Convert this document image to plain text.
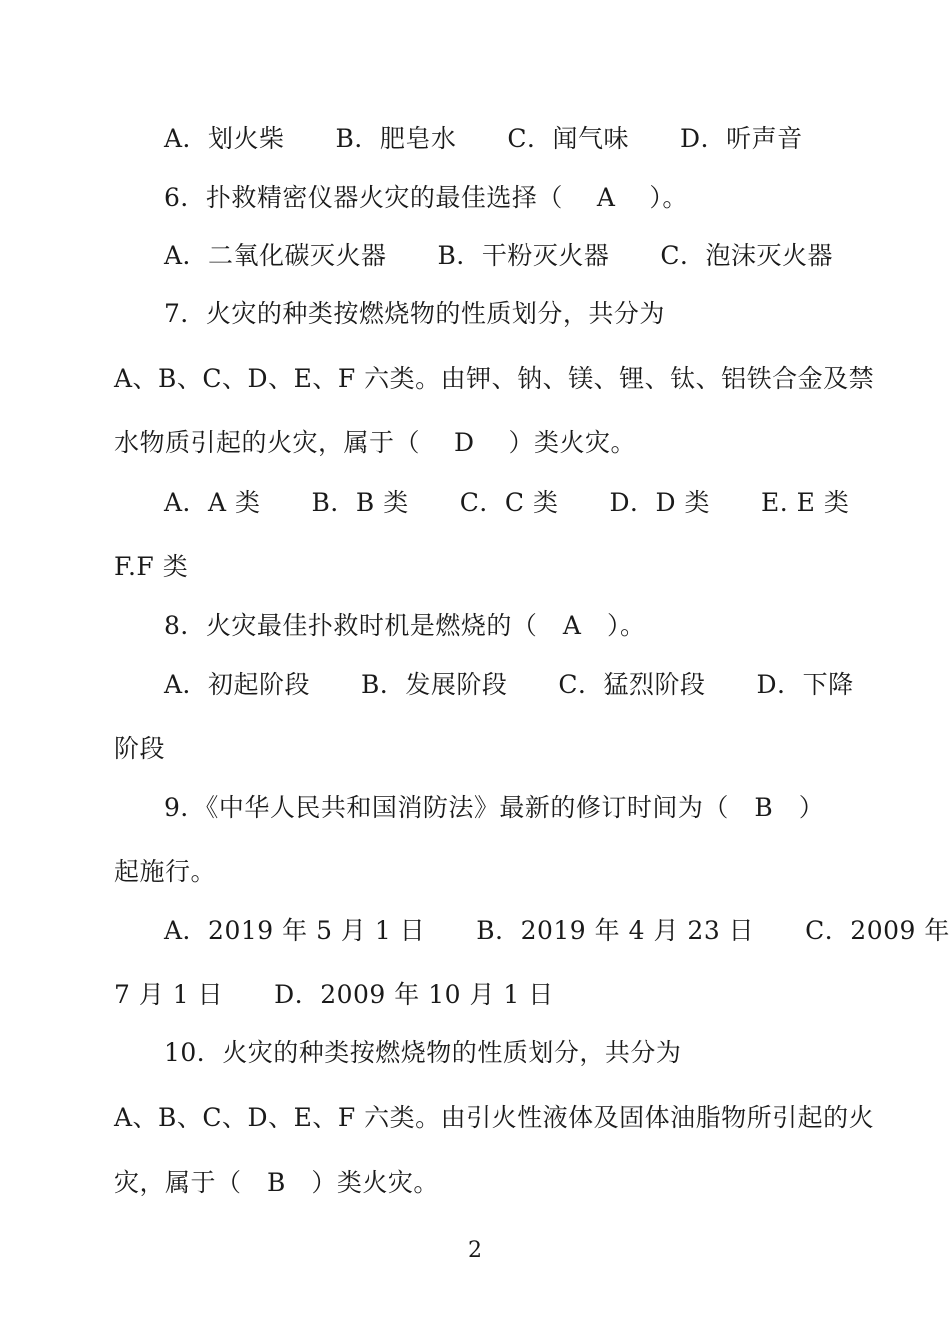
A．划火柴　　B．肥皂水　　C．闻气味　　D．听声音
6．扑救精密仪器火灾的最佳选择（　 A 　）。
A．二氧化碳灭火器　　B．干粉灭火器　　C．泡沫灭火器
7．火灾的种类按燃烧物的性质划分，共分为
A、B、C、D、E、F 六类。由钾、钠、镁、锂、钛、铝铁合金及禁
水物质引起的火灾，属于（　 D 　）类火灾。
A．A 类　　B．B 类　　C．C 类　　D．D 类　　E. E 类
F.F 类
8．火灾最佳扑救时机是燃烧的（　A　）。
A．初起阶段　　B．发展阶段　　C．猛烈阶段　　D．下降
阶段
9．《中华人民共和国消防法》最新的修订时间为（　B　）
起施行。
A．2019 年 5 月 1 日　　B．2019 年 4 月 23 日　　C．2009 年
7 月 1 日　　D．2009 年 10 月 1 日
10．火灾的种类按燃烧物的性质划分，共分为
A、B、C、D、E、F 六类。由引火性液体及固体油脂物所引起的火
灾，属于（　B　）类火灾。
2
